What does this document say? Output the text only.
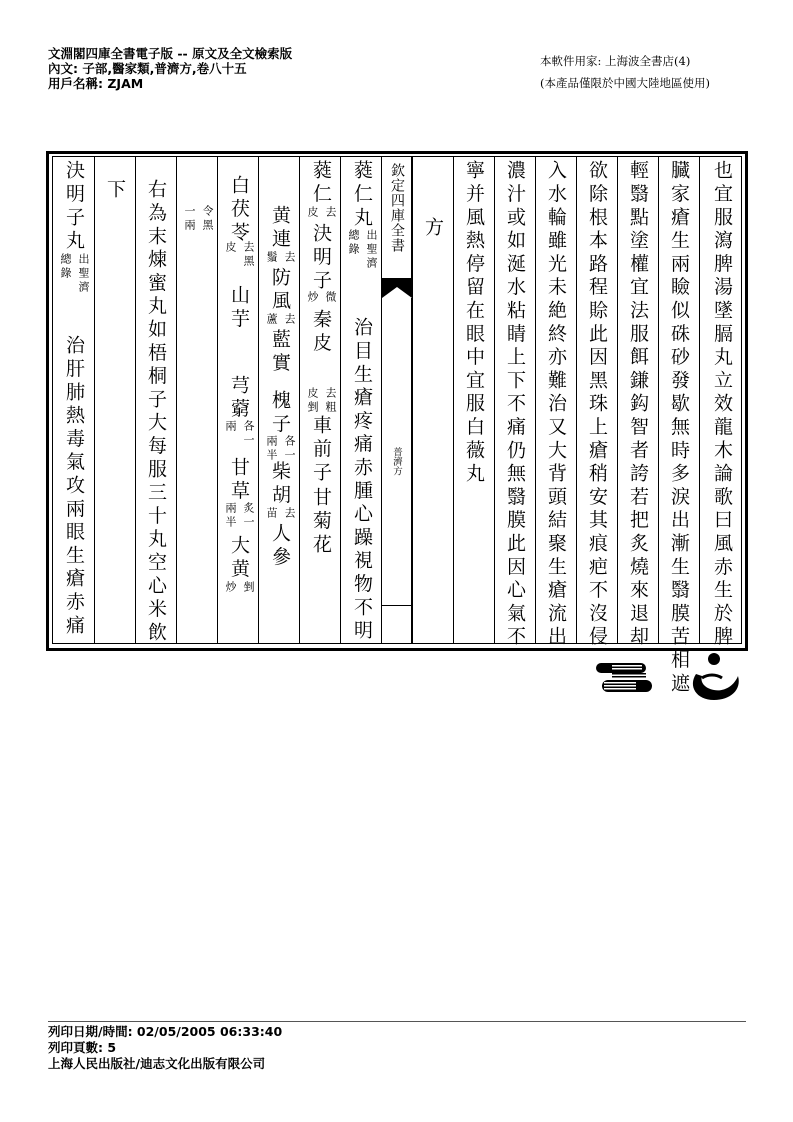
文淵閣四庫全書電子版 -- 原文及全文檢索版
內文: 子部,醫家類,普濟方,卷八十五
用戶名稱: ZJAM
本軟件用家: 上海波全書店(4)
(本產品僅限於中國大陸地區使用)
也宜服瀉脾湯墜膈丸立效龍木論歌曰風赤生於脾
臓家瘡生兩瞼似硃砂發歇無時多淚出漸生翳膜苦相遮
輕翳點塗權宜法服餌鎌鈎智者誇若把炙燒來退却
欲除根本路程賒此因黑珠上瘡稍安其痕疤不沒侵
入水輪雖光未絶終亦難治又大背頭結聚生瘡流出
濃汁或如涎水粘睛上下不痛仍無翳膜此因心氣不
寧并風熱停留在眼中宜服白薇丸
方
欽定四庫全書
普濟方
蕤仁丸
出聖濟
總錄
治目生瘡疼痛赤腫心躁視物不明
蕤仁
去
皮
決明子
微
炒
秦皮
去粗
皮剉
車前子
甘菊花
黄連
去
鬚
防風
去
蘆
藍實
槐子
各一
兩半
柴胡
去
苗
人參
白茯苓
去黑
皮
山芋
芎藭
各一
兩
甘草
炙一
兩半
大黄
剉
炒
令黑
一兩
右為末煉蜜丸如梧桐子大每服三十丸空心米飲
下
決明子丸
出聖濟
總錄
治肝肺熱毒氣攻兩眼生瘡赤痛
列印日期/時間: 02/05/2005 06:33:40
列印頁數: 5
上海人民出版社/迪志文化出版有限公司
